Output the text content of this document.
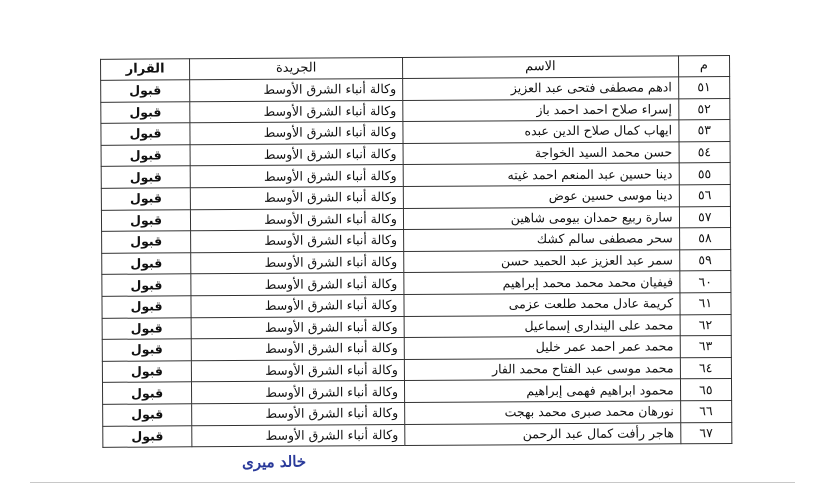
م	الاسم	الجريدة	القرار
٥١	ادهم مصطفى فتحى عبد العزيز	وكالة أنباء الشرق الأوسط	قبول
٥٢	إسراء صلاح احمد احمد باز	وكالة أنباء الشرق الأوسط	قبول
٥٣	ايهاب كمال صلاح الدين عبده	وكالة أنباء الشرق الأوسط	قبول
٥٤	حسن محمد السيد الخواجة	وكالة أنباء الشرق الأوسط	قبول
٥٥	دينا حسين عبد المنعم احمد غيته	وكالة أنباء الشرق الأوسط	قبول
٥٦	دينا موسى حسين عوض	وكالة أنباء الشرق الأوسط	قبول
٥٧	سارة ربيع حمدان بيومى شاهين	وكالة أنباء الشرق الأوسط	قبول
٥٨	سحر مصطفى سالم كشك	وكالة أنباء الشرق الأوسط	قبول
٥٩	سمر عبد العزيز عبد الحميد حسن	وكالة أنباء الشرق الأوسط	قبول
٦٠	فيفيان محمد محمد محمد إبراهيم	وكالة أنباء الشرق الأوسط	قبول
٦١	كريمة عادل محمد طلعت عزمى	وكالة أنباء الشرق الأوسط	قبول
٦٢	محمد على اليندارى إسماعيل	وكالة أنباء الشرق الأوسط	قبول
٦٣	محمد عمر احمد عمر خليل	وكالة أنباء الشرق الأوسط	قبول
٦٤	محمد موسى عبد الفتاح محمد الفار	وكالة أنباء الشرق الأوسط	قبول
٦٥	محمود ابراهيم فهمى إبراهيم	وكالة أنباء الشرق الأوسط	قبول
٦٦	نورهان محمد صبرى محمد بهجت	وكالة أنباء الشرق الأوسط	قبول
٦٧	هاجر رأفت كمال عبد الرحمن	وكالة أنباء الشرق الأوسط	قبول
خالد ميرى
